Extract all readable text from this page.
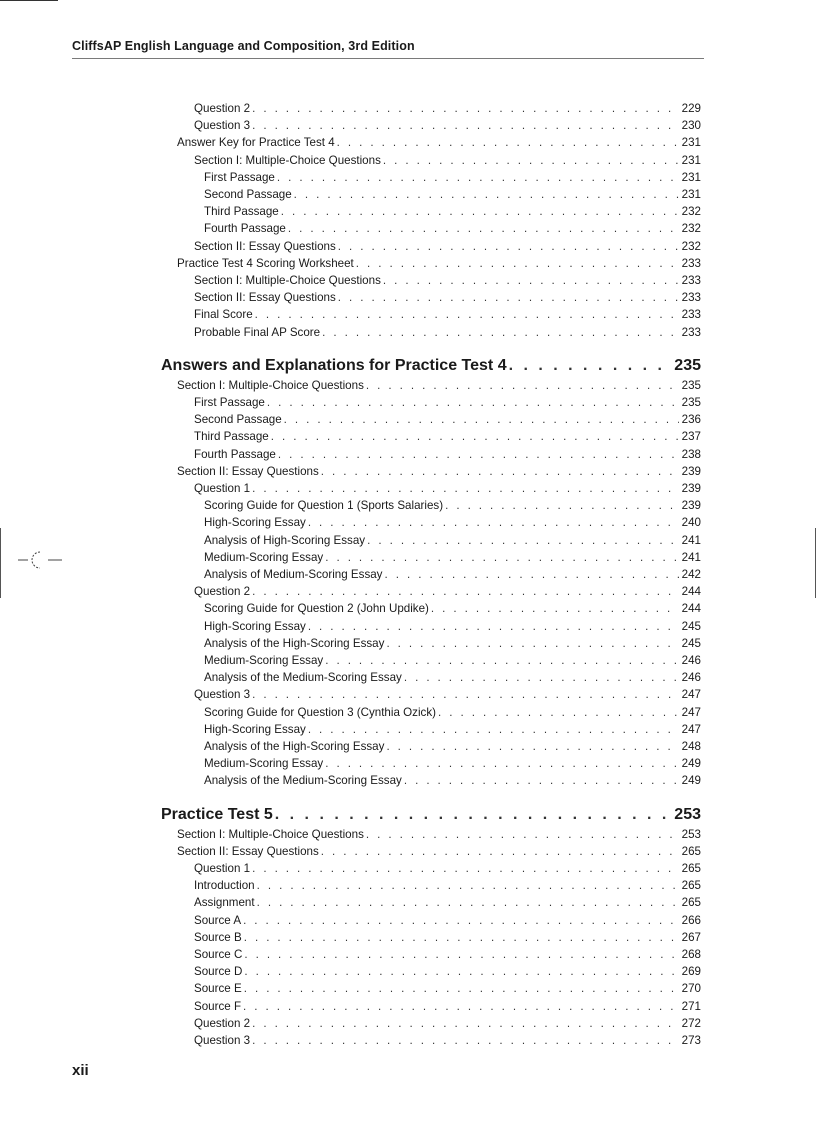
CliffsAP English Language and Composition, 3rd Edition
Question 2 . . .	229
Question 3 . . .	230
Answer Key for Practice Test 4 . . .	231
Section I: Multiple-Choice Questions . . .	231
First Passage . . .	231
Second Passage . . .	231
Third Passage . . .	232
Fourth Passage . . .	232
Section II: Essay Questions . . .	232
Practice Test 4 Scoring Worksheet . . .	233
Section I: Multiple-Choice Questions . . .	233
Section II: Essay Questions . . .	233
Final Score . . .	233
Probable Final AP Score . . .	233
Answers and Explanations for Practice Test 4 . . .	235
Section I: Multiple-Choice Questions . . .	235
First Passage . . .	235
Second Passage . . .	236
Third Passage . . .	237
Fourth Passage . . .	238
Section II: Essay Questions . . .	239
Question 1 . . .	239
Scoring Guide for Question 1 (Sports Salaries) . . .	239
High-Scoring Essay . . .	240
Analysis of High-Scoring Essay . . .	241
Medium-Scoring Essay . . .	241
Analysis of Medium-Scoring Essay . . .	242
Question 2 . . .	244
Scoring Guide for Question 2 (John Updike) . . .	244
High-Scoring Essay . . .	245
Analysis of the High-Scoring Essay . . .	245
Medium-Scoring Essay . . .	246
Analysis of the Medium-Scoring Essay . . .	246
Question 3 . . .	247
Scoring Guide for Question 3 (Cynthia Ozick) . . .	247
High-Scoring Essay . . .	247
Analysis of the High-Scoring Essay . . .	248
Medium-Scoring Essay . . .	249
Analysis of the Medium-Scoring Essay . . .	249
Practice Test 5 . . .	253
Section I: Multiple-Choice Questions . . .	253
Section II: Essay Questions . . .	265
Question 1 . . .	265
Introduction . . .	265
Assignment . . .	265
Source A . . .	266
Source B . . .	267
Source C . . .	268
Source D . . .	269
Source E . . .	270
Source F . . .	271
Question 2 . . .	272
Question 3 . . .	273
xii
